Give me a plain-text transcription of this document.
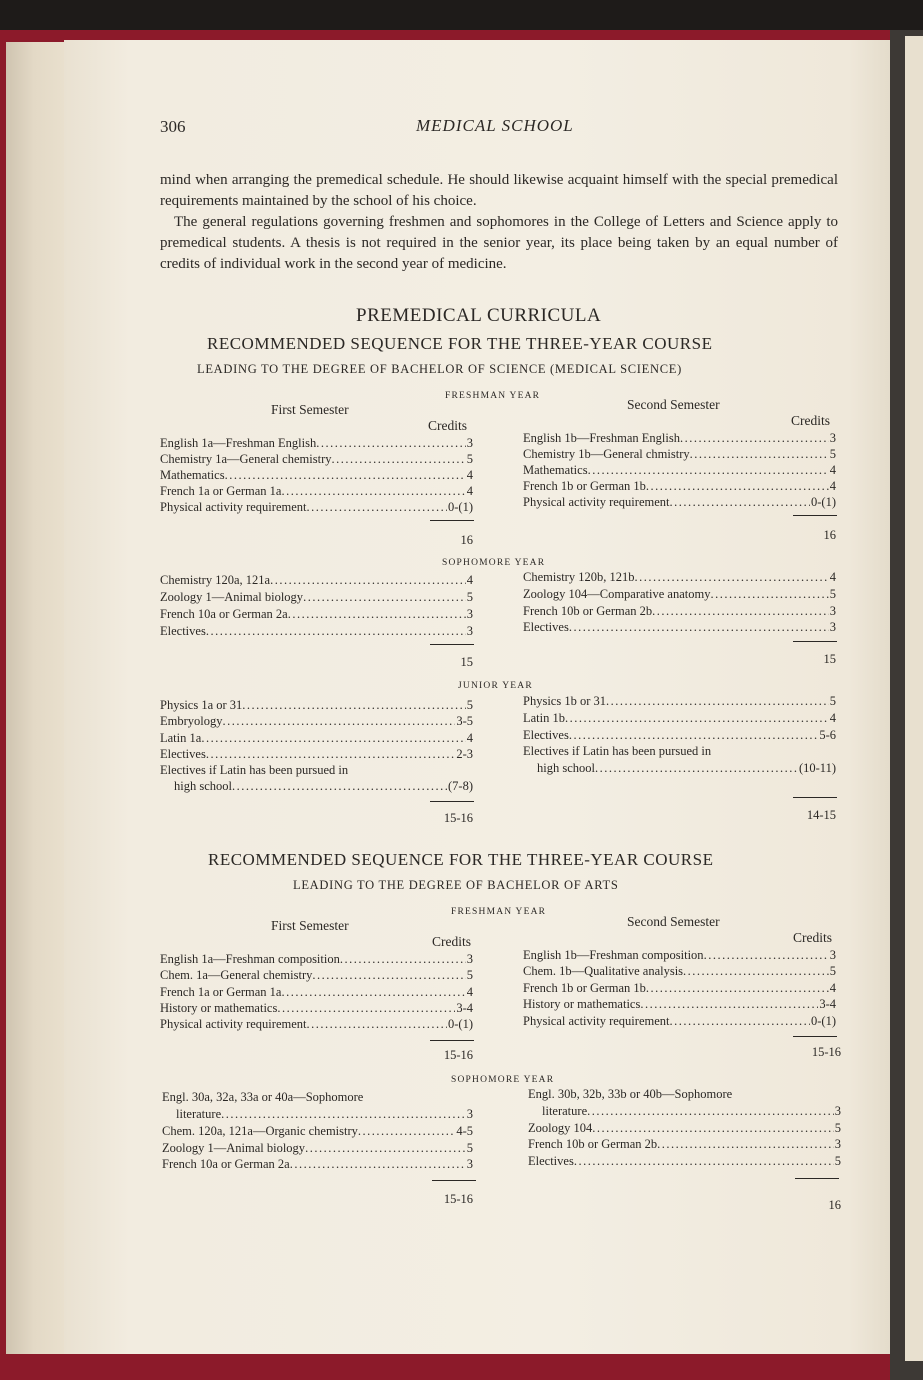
306	MEDICAL SCHOOL

mind when arranging the premedical schedule. He should likewise acquaint himself with the special premedical requirements maintained by the school of his choice.

The general regulations governing freshmen and sophomores in the College of Letters and Science apply to premedical students. A thesis is not required in the senior year, its place being taken by an equal number of credits of individual work in the second year of medicine.

PREMEDICAL CURRICULA
RECOMMENDED SEQUENCE FOR THE THREE-YEAR COURSE
LEADING TO THE DEGREE OF BACHELOR OF SCIENCE (MEDICAL SCIENCE)
FRESHMAN YEAR
First Semester	Second Semester
Credits	Credits
English 1a—Freshman English .....	3
Chemistry 1a—General chemistry .....	5
Mathematics .....	4
French 1a or German 1a .....	4
Physical activity requirement .....	0-(1)
16
English 1b—Freshman English .....	3
Chemistry 1b—General chmistry .....	5
Mathematics .....	4
French 1b or German 1b .....	4
Physical activity requirement .....	0-(1)
16
SOPHOMORE YEAR
Chemistry 120a, 121a .....	4
Zoology 1—Animal biology .....	5
French 10a or German 2a .....	3
Electives .....	3
15
Chemistry 120b, 121b .....	4
Zoology 104—Comparative anatomy .....	5
French 10b or German 2b .....	3
Electives .....	3
15
JUNIOR YEAR
Physics 1a or 31 .....	5
Embryology .....	3-5
Latin 1a .....	4
Electives .....	2-3
Electives if Latin has been pursued in
high school .....	(7-8)
15-16
Physics 1b or 31 .....	5
Latin 1b .....	4
Electives .....	5-6
Electives if Latin has been pursued in
high school .....	(10-11)
14-15
RECOMMENDED SEQUENCE FOR THE THREE-YEAR COURSE
LEADING TO THE DEGREE OF BACHELOR OF ARTS
FRESHMAN YEAR
First Semester	Second Semester
Credits	Credits
English 1a—Freshman composition .....	3
Chem. 1a—General chemistry .....	5
French 1a or German 1a .....	4
History or mathematics .....	3-4
Physical activity requirement .....	0-(1)
15-16
English 1b—Freshman composition .....	3
Chem. 1b—Qualitative analysis .....	5
French 1b or German 1b .....	4
History or mathematics .....	3-4
Physical activity requirement .....	0-(1)
15-16
SOPHOMORE YEAR
Engl. 30a, 32a, 33a or 40a—Sophomore
literature .....	3
Chem. 120a, 121a—Organic chemistry .....	4-5
Zoology 1—Animal biology .....	5
French 10a or German 2a .....	3
15-16
Engl. 30b, 32b, 33b or 40b—Sophomore
literature .....	3
Zoology 104 .....	5
French 10b or German 2b .....	3
Electives .....	5
16
